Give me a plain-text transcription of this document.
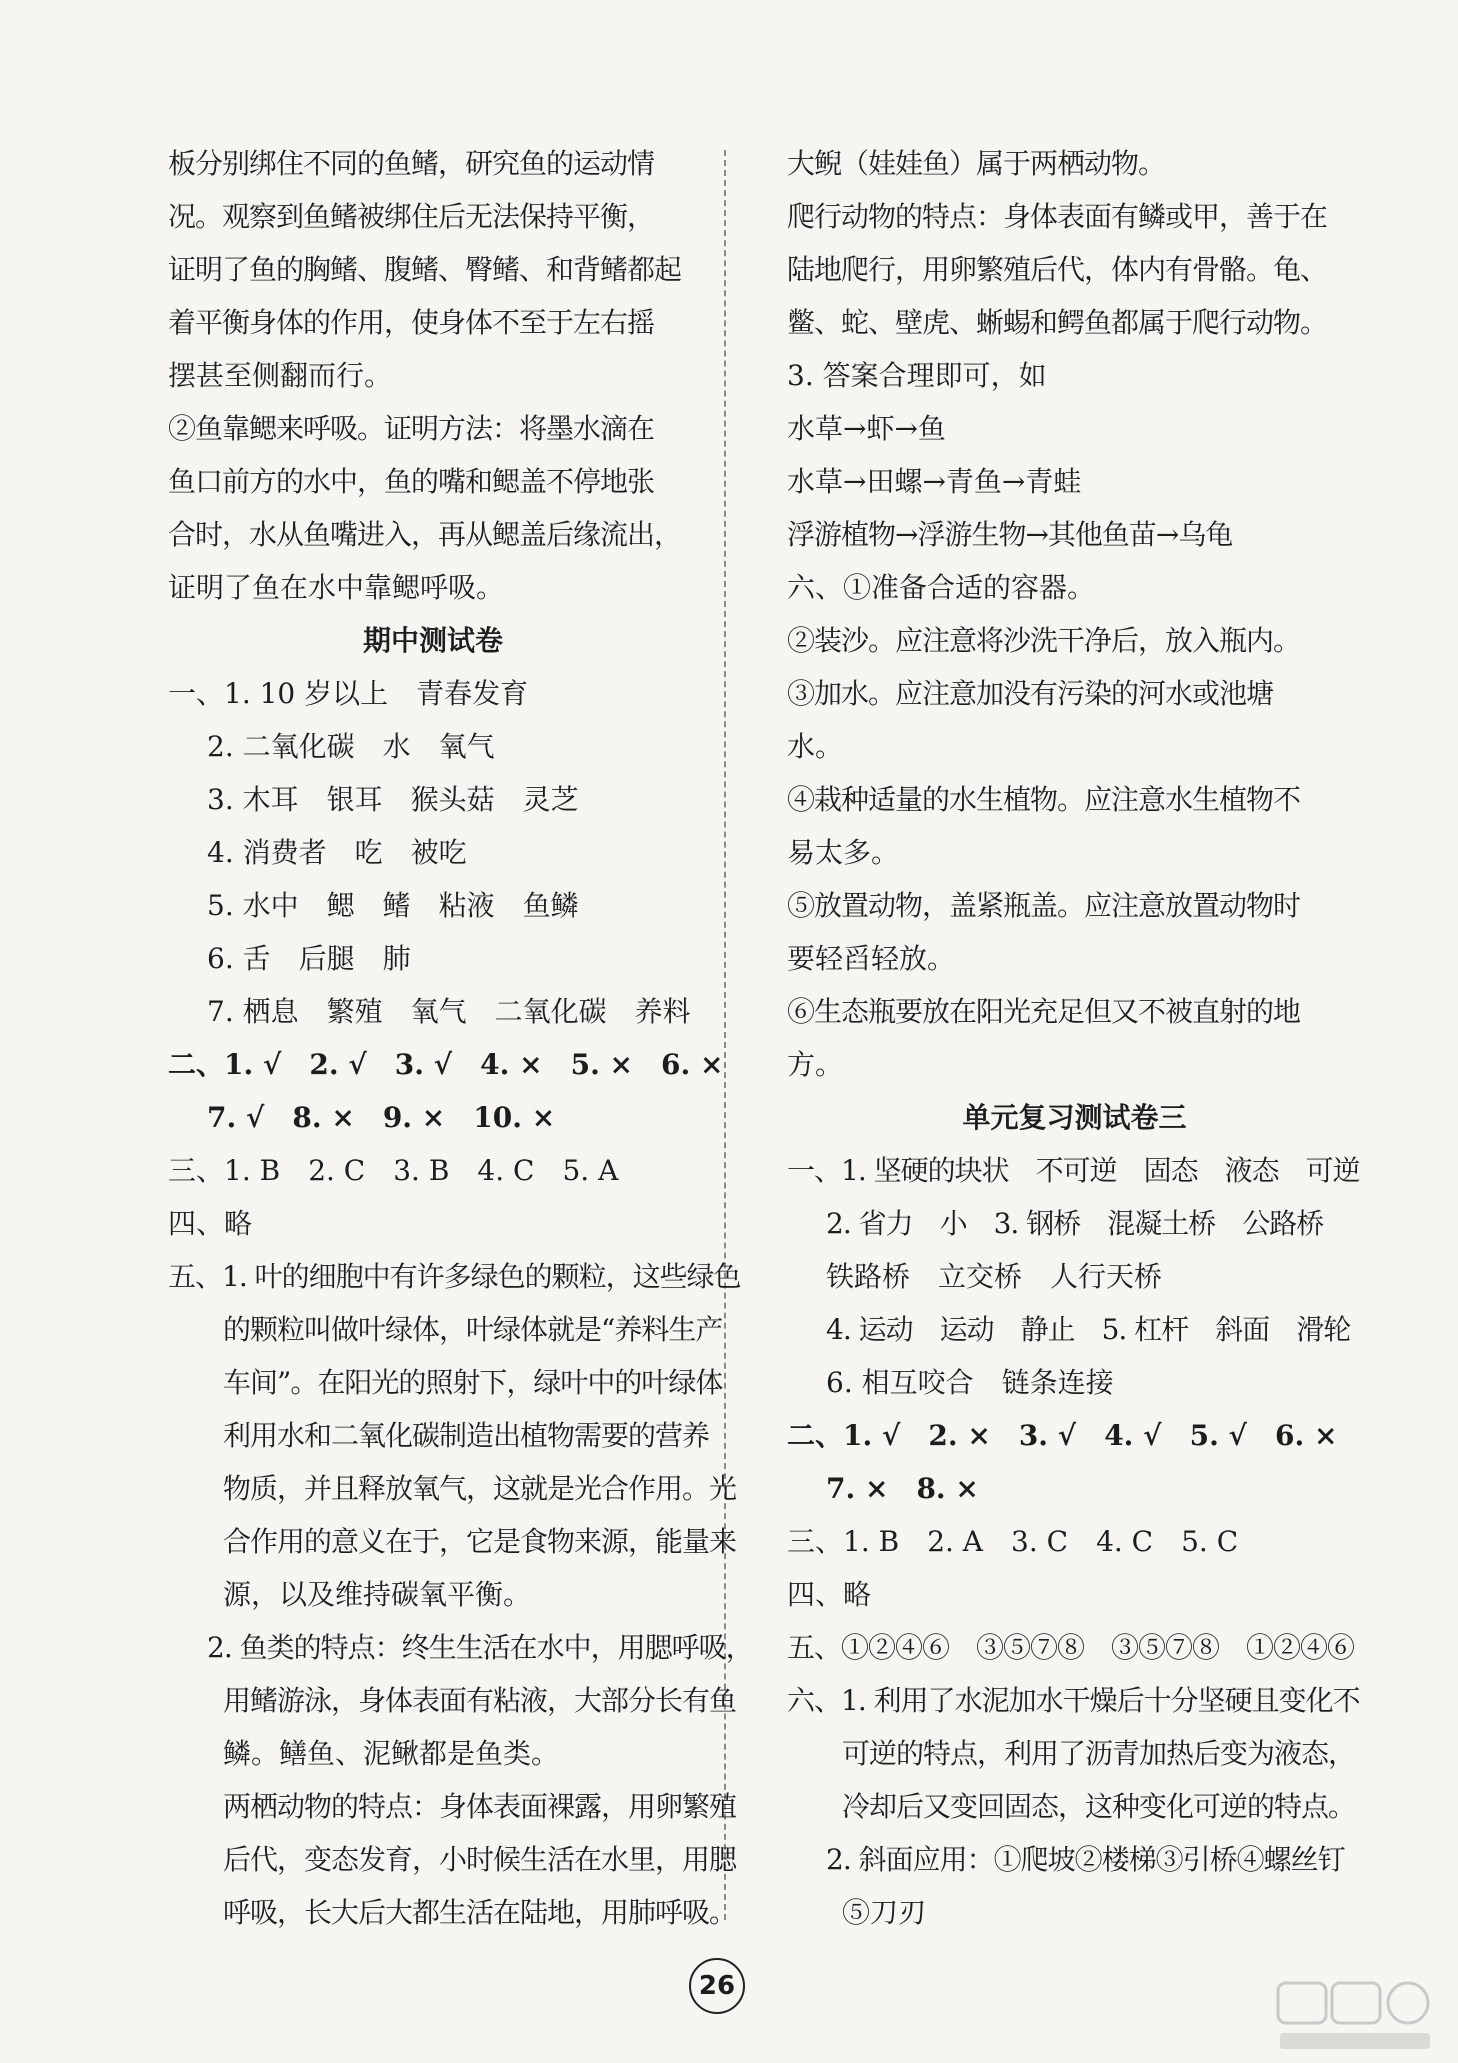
板分别绑住不同的鱼鳍，研究鱼的运动情
况。观察到鱼鳍被绑住后无法保持平衡，
证明了鱼的胸鳍、腹鳍、臀鳍、和背鳍都起
着平衡身体的作用，使身体不至于左右摇
摆甚至侧翻而行。
②鱼靠鳃来呼吸。证明方法：将墨水滴在
鱼口前方的水中，鱼的嘴和鳃盖不停地张
合时，水从鱼嘴进入，再从鳃盖后缘流出，
证明了鱼在水中靠鳃呼吸。
期中测试卷
一、1. 10 岁以上　青春发育
2. 二氧化碳　水　氧气
3. 木耳　银耳　猴头菇　灵芝
4. 消费者　吃　被吃
5. 水中　鳃　鳍　粘液　鱼鳞
6. 舌　后腿　肺
7. 栖息　繁殖　氧气　二氧化碳　养料
二、1. √　2. √　3. √　4. ×　5. ×　6. ×
7. √　8. ×　9. ×　10. ×
三、1. B　2. C　3. B　4. C　5. A
四、略
五、1. 叶的细胞中有许多绿色的颗粒，这些绿色
的颗粒叫做叶绿体，叶绿体就是“养料生产
车间”。在阳光的照射下，绿叶中的叶绿体
利用水和二氧化碳制造出植物需要的营养
物质，并且释放氧气，这就是光合作用。光
合作用的意义在于，它是食物来源，能量来
源，以及维持碳氧平衡。
2. 鱼类的特点：终生生活在水中，用腮呼吸，
用鳍游泳，身体表面有粘液，大部分长有鱼
鳞。鳝鱼、泥鳅都是鱼类。
两栖动物的特点：身体表面裸露，用卵繁殖
后代，变态发育，小时候生活在水里，用腮
呼吸，长大后大都生活在陆地，用肺呼吸。
大鲵（娃娃鱼）属于两栖动物。
爬行动物的特点：身体表面有鳞或甲，善于在
陆地爬行，用卵繁殖后代，体内有骨骼。龟、
鳖、蛇、壁虎、蜥蜴和鳄鱼都属于爬行动物。
3. 答案合理即可，如
水草→虾→鱼
水草→田螺→青鱼→青蛙
浮游植物→浮游生物→其他鱼苗→乌龟
六、①准备合适的容器。
②装沙。应注意将沙洗干净后，放入瓶内。
③加水。应注意加没有污染的河水或池塘
水。
④栽种适量的水生植物。应注意水生植物不
易太多。
⑤放置动物，盖紧瓶盖。应注意放置动物时
要轻舀轻放。
⑥生态瓶要放在阳光充足但又不被直射的地
方。
单元复习测试卷三
一、1. 坚硬的块状　不可逆　固态　液态　可逆
2. 省力　小　3. 钢桥　混凝土桥　公路桥
铁路桥　立交桥　人行天桥
4. 运动　运动　静止　5. 杠杆　斜面　滑轮
6. 相互咬合　链条连接
二、1. √　2. ×　3. √　4. √　5. √　6. ×
7. ×　8. ×
三、1. B　2. A　3. C　4. C　5. C
四、略
五、①②④⑥　③⑤⑦⑧　③⑤⑦⑧　①②④⑥
六、1. 利用了水泥加水干燥后十分坚硬且变化不
可逆的特点，利用了沥青加热后变为液态，
冷却后又变回固态，这种变化可逆的特点。
2. 斜面应用：①爬坡②楼梯③引桥④螺丝钉
⑤刀刃
26
